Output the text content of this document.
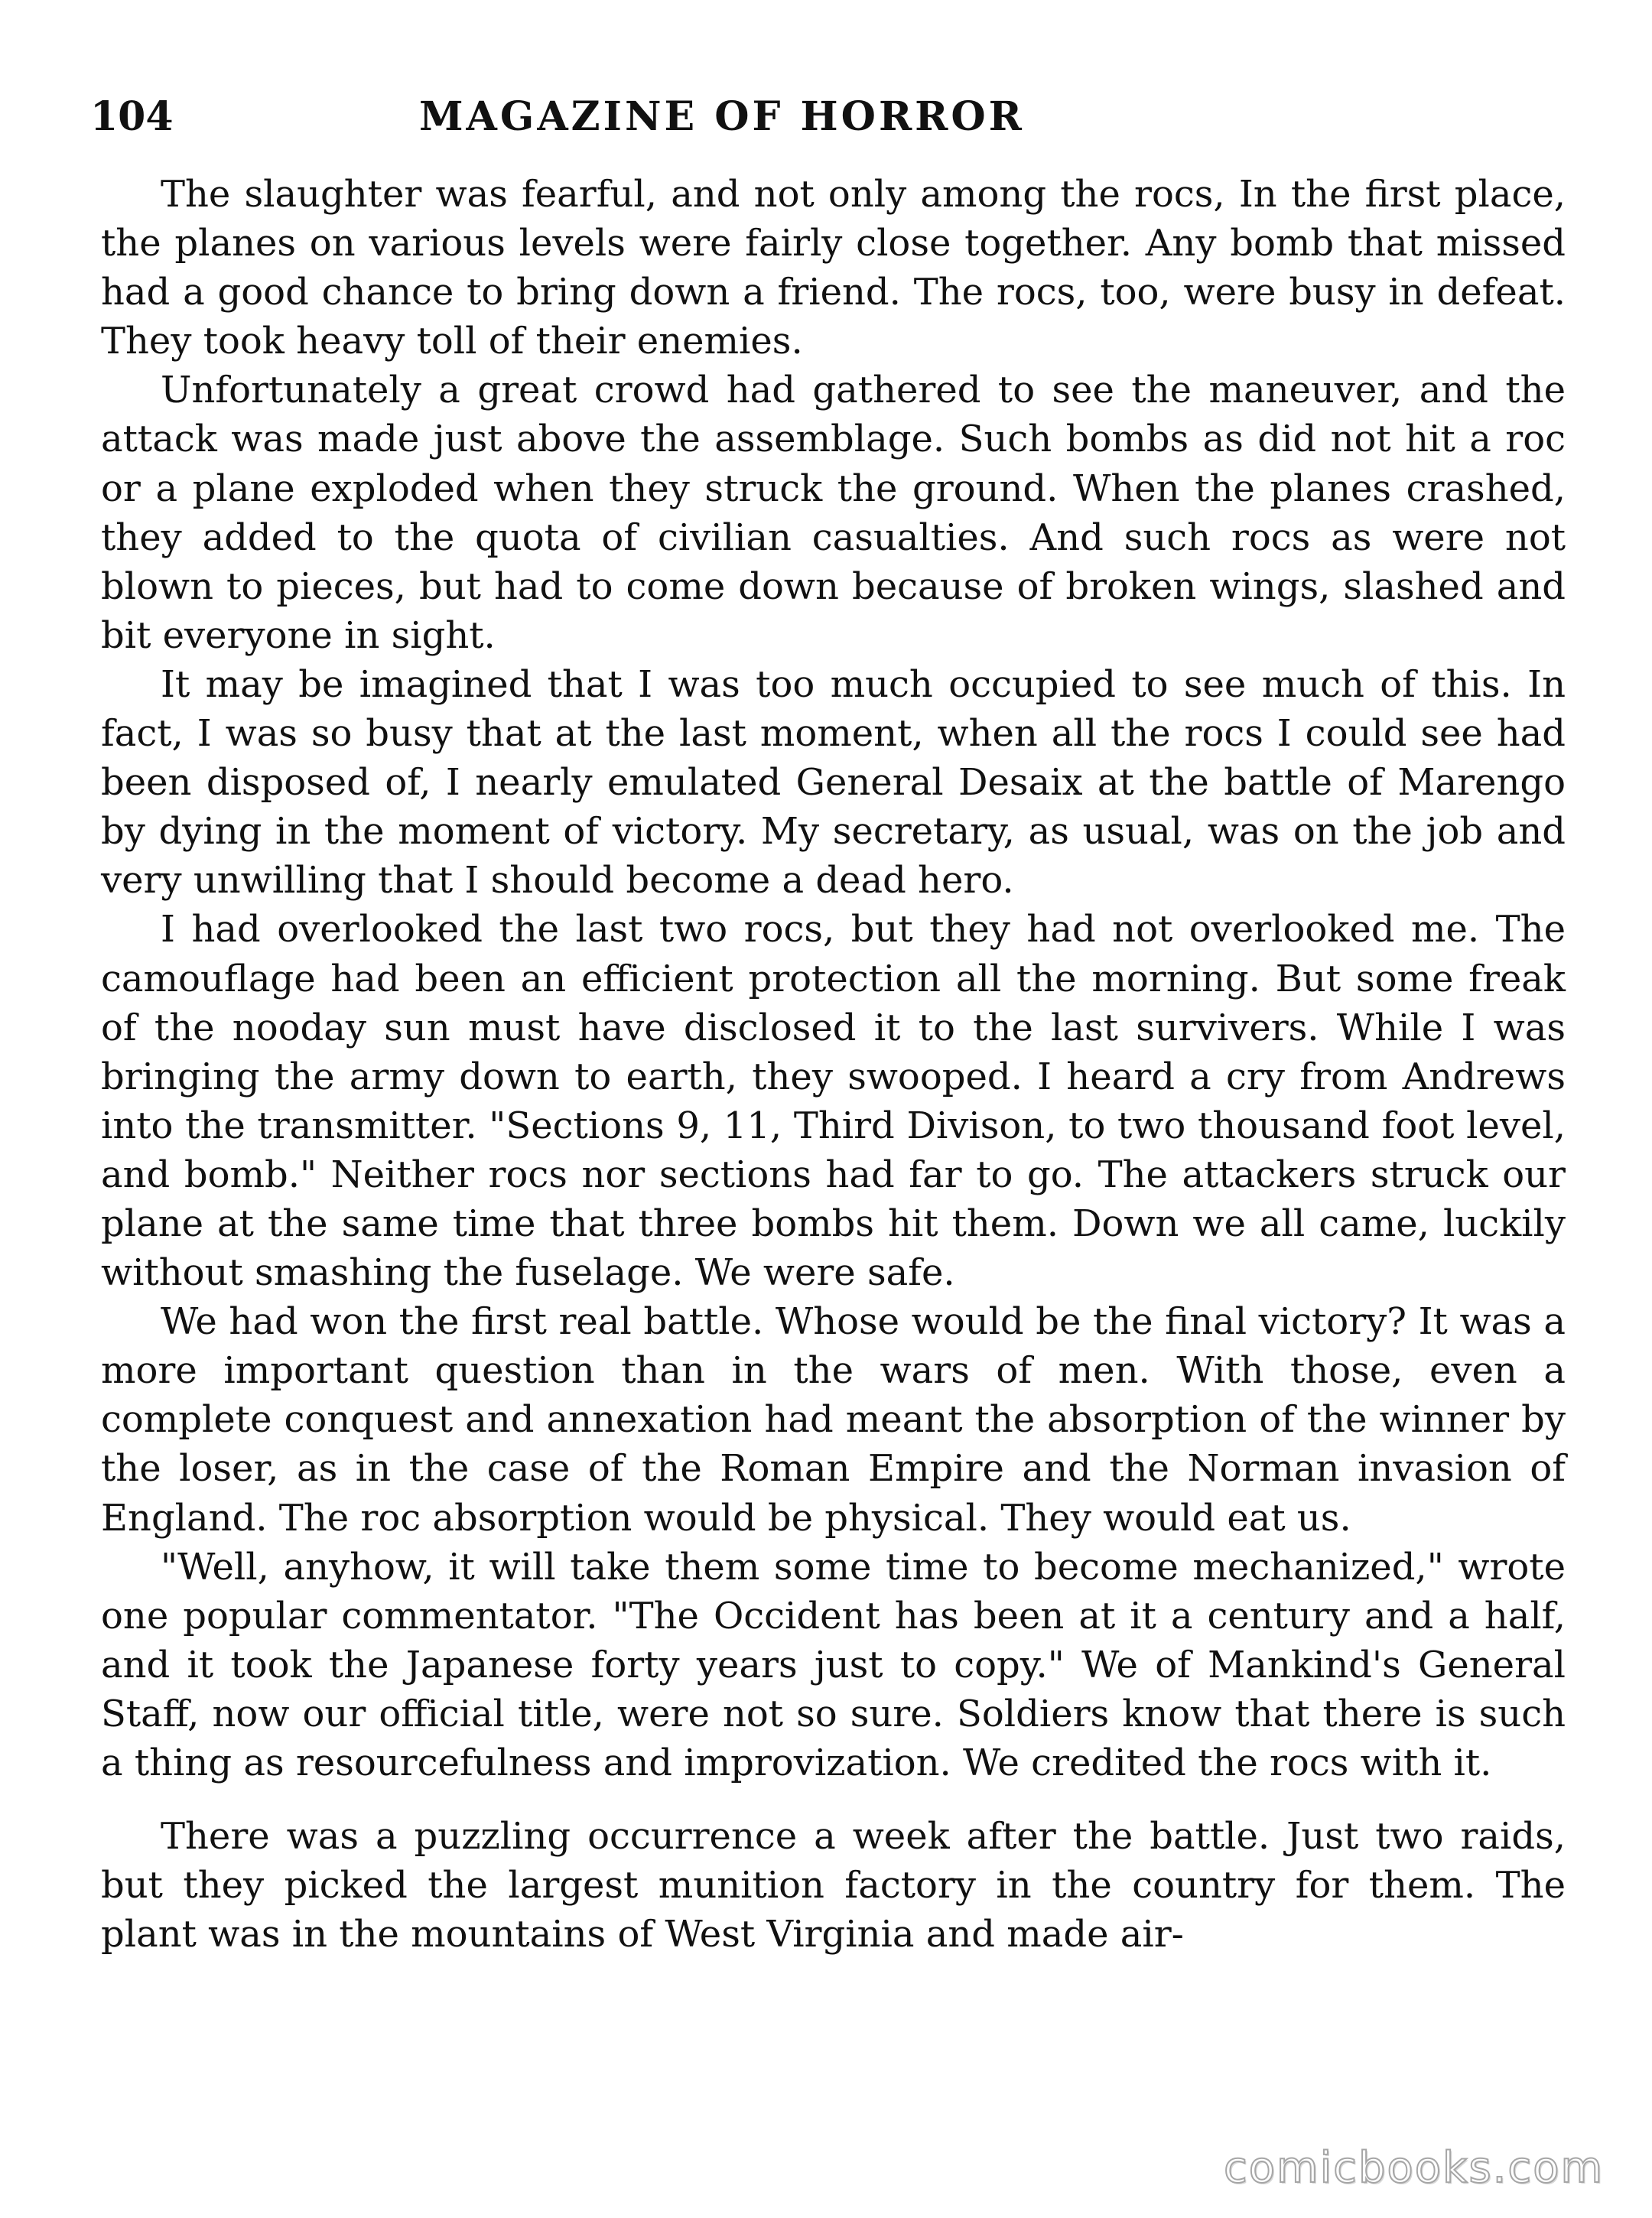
104	MAGAZINE OF HORROR

The slaughter was fearful, and not only among the rocs, In the first place, the planes on various levels were fairly close together. Any bomb that missed had a good chance to bring down a friend. The rocs, too, were busy in defeat. They took heavy toll of their enemies.

Unfortunately a great crowd had gathered to see the maneuver, and the attack was made just above the assemblage. Such bombs as did not hit a roc or a plane exploded when they struck the ground. When the planes crashed, they added to the quota of civilian casualties. And such rocs as were not blown to pieces, but had to come down because of broken wings, slashed and bit everyone in sight.

It may be imagined that I was too much occupied to see much of this. In fact, I was so busy that at the last moment, when all the rocs I could see had been disposed of, I nearly emulated General Desaix at the battle of Marengo by dying in the moment of victory. My secretary, as usual, was on the job and very unwilling that I should become a dead hero.

I had overlooked the last two rocs, but they had not overlooked me. The camouflage had been an efficient protection all the morning. But some freak of the nooday sun must have disclosed it to the last survivers. While I was bringing the army down to earth, they swooped. I heard a cry from Andrews into the transmitter. "Sections 9, 11, Third Divison, to two thousand foot level, and bomb." Neither rocs nor sections had far to go. The attackers struck our plane at the same time that three bombs hit them. Down we all came, luckily without smashing the fuselage. We were safe.

We had won the first real battle. Whose would be the final victory? It was a more important question than in the wars of men. With those, even a complete conquest and annexation had meant the absorption of the winner by the loser, as in the case of the Roman Empire and the Norman invasion of England. The roc absorption would be physical. They would eat us.

"Well, anyhow, it will take them some time to become mechanized," wrote one popular commentator. "The Occident has been at it a century and a half, and it took the Japanese forty years just to copy." We of Mankind's General Staff, now our official title, were not so sure. Soldiers know that there is such a thing as resourcefulness and improvization. We credited the rocs with it.

There was a puzzling occurrence a week after the battle. Just two raids, but they picked the largest munition factory in the country for them. The plant was in the mountains of West Virginia and made air-

comicbooks.com
